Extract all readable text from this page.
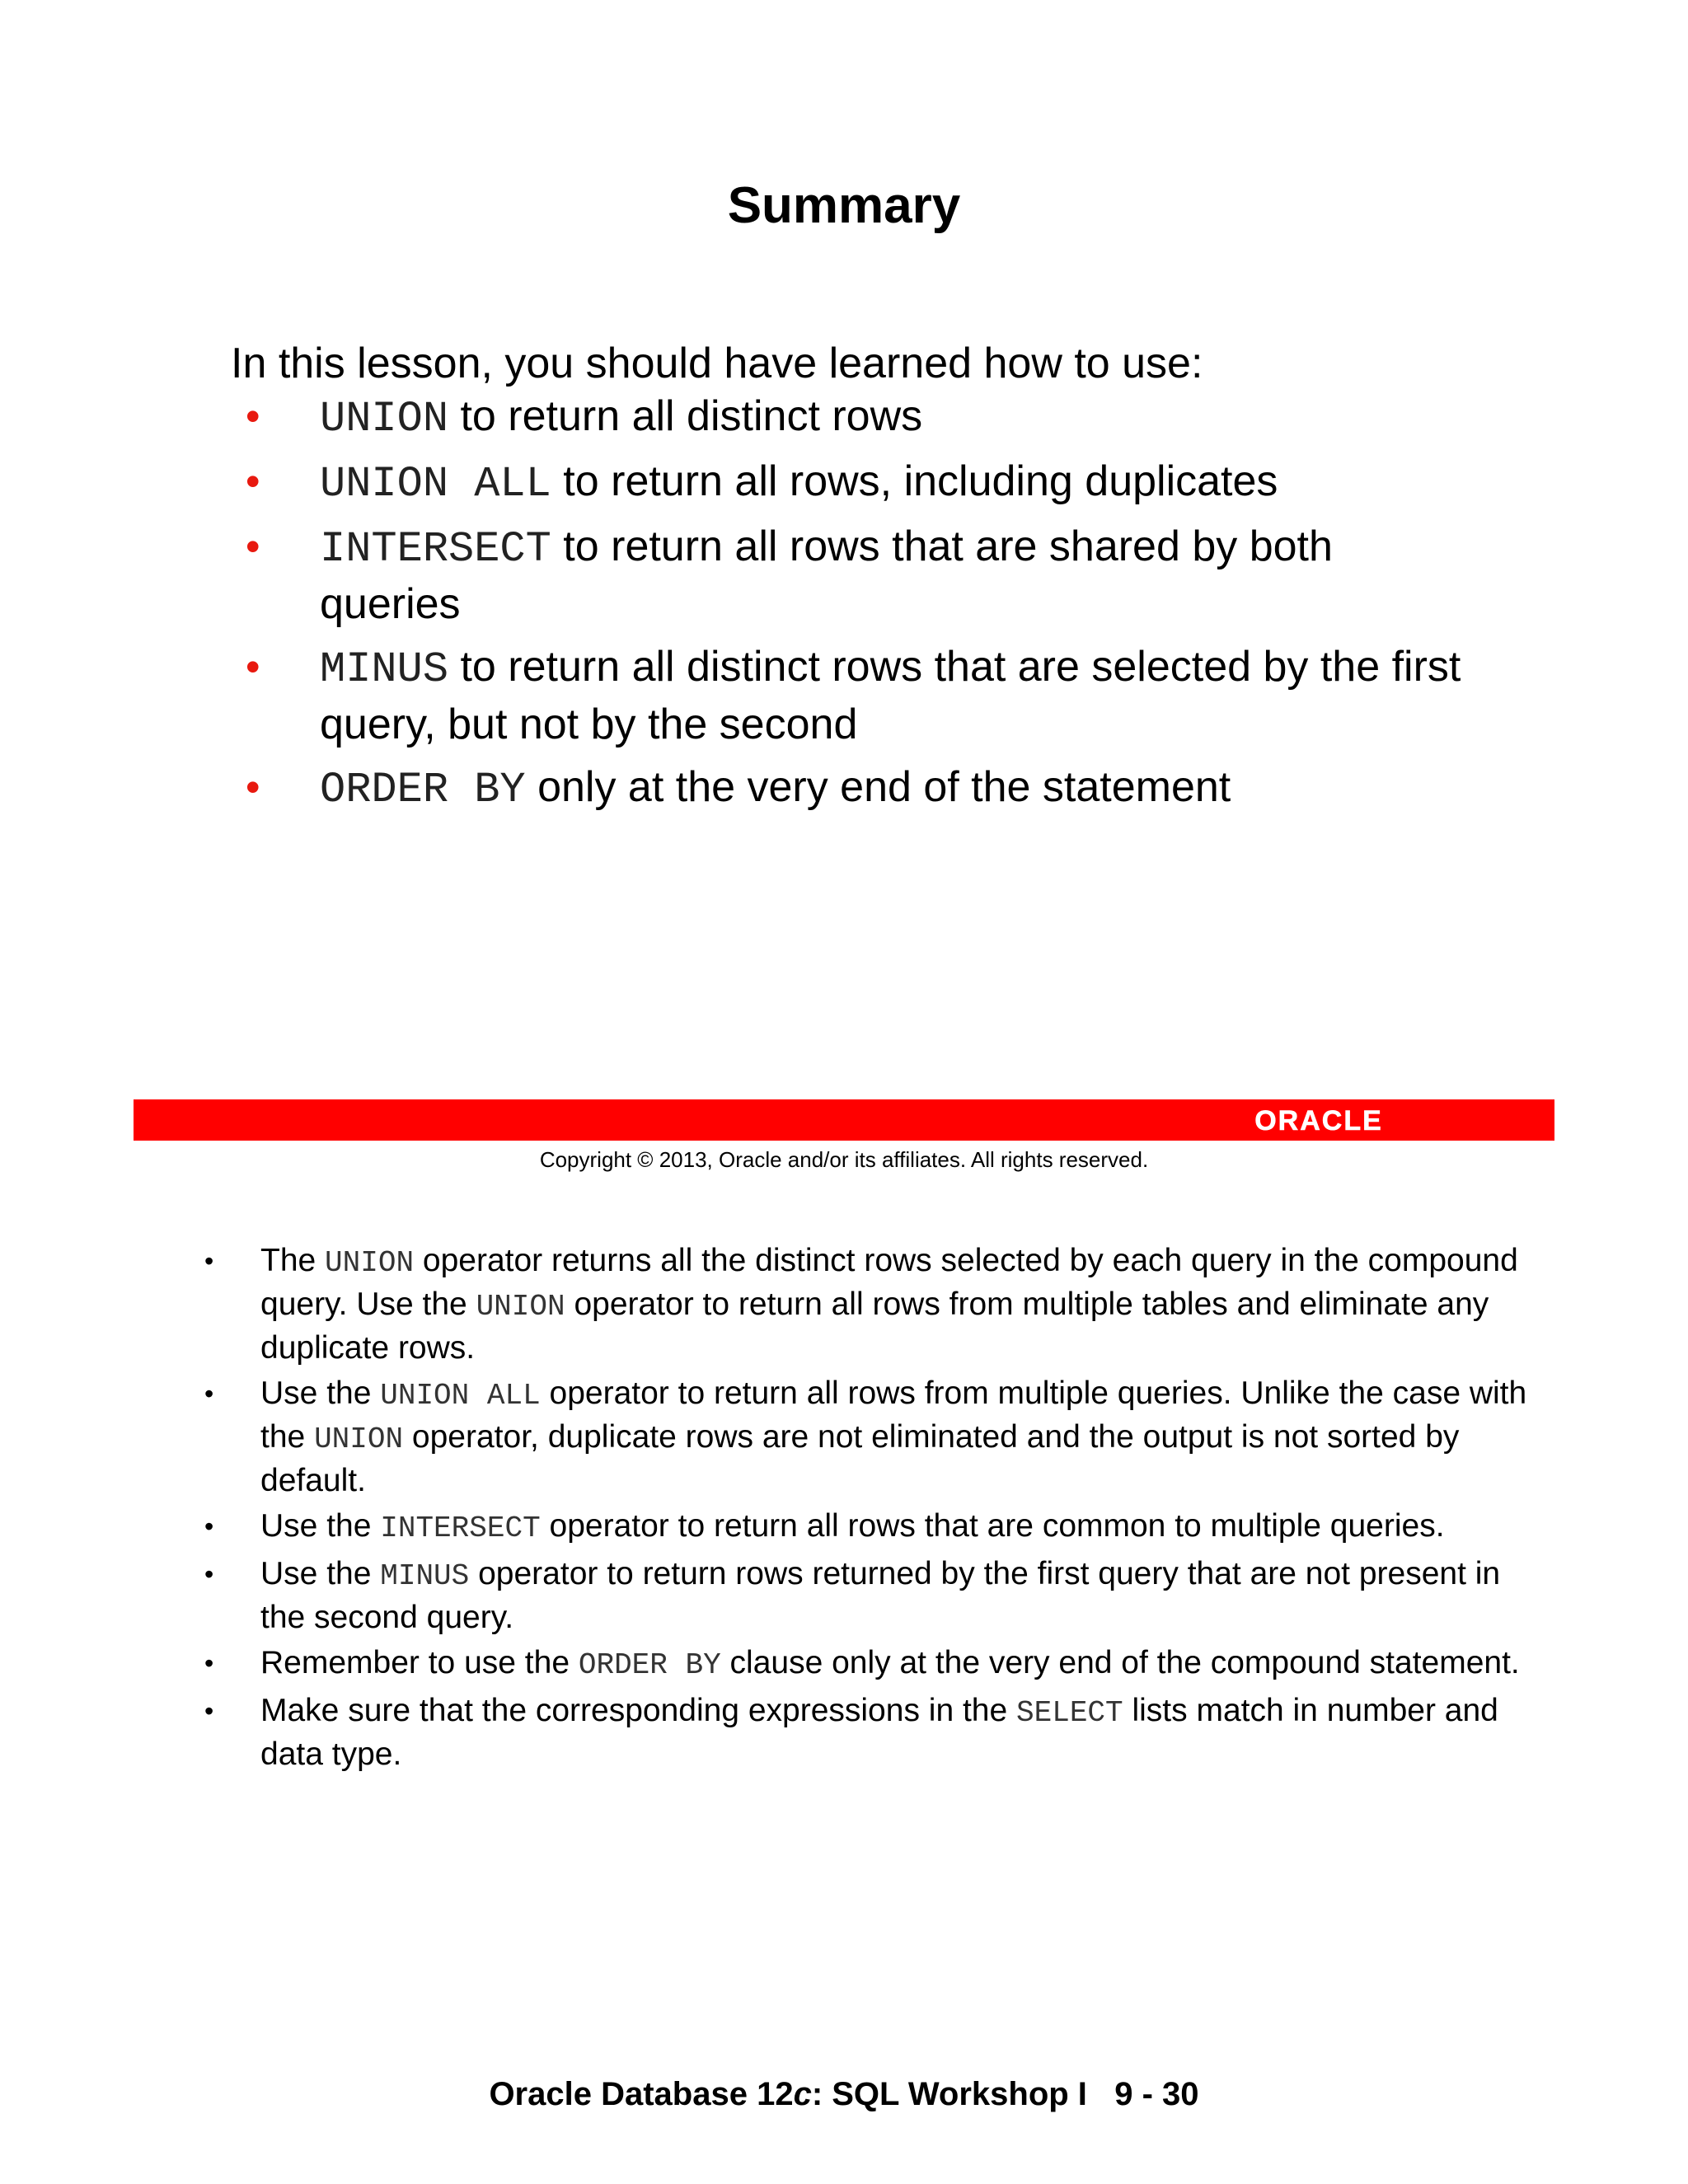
Summary
In this lesson, you should have learned how to use:
• UNION to return all distinct rows
• UNION ALL to return all rows, including duplicates
• INTERSECT to return all rows that are shared by both queries
• MINUS to return all distinct rows that are selected by the first query, but not by the second
• ORDER BY only at the very end of the statement
ORACLE
Copyright © 2013, Oracle and/or its affiliates. All rights reserved.
• The UNION operator returns all the distinct rows selected by each query in the compound query. Use the UNION operator to return all rows from multiple tables and eliminate any duplicate rows.
• Use the UNION ALL operator to return all rows from multiple queries. Unlike the case with the UNION operator, duplicate rows are not eliminated and the output is not sorted by default.
• Use the INTERSECT operator to return all rows that are common to multiple queries.
• Use the MINUS operator to return rows returned by the first query that are not present in the second query.
• Remember to use the ORDER BY clause only at the very end of the compound statement.
• Make sure that the corresponding expressions in the SELECT lists match in number and data type.
Oracle Database 12c: SQL Workshop I   9 - 30
